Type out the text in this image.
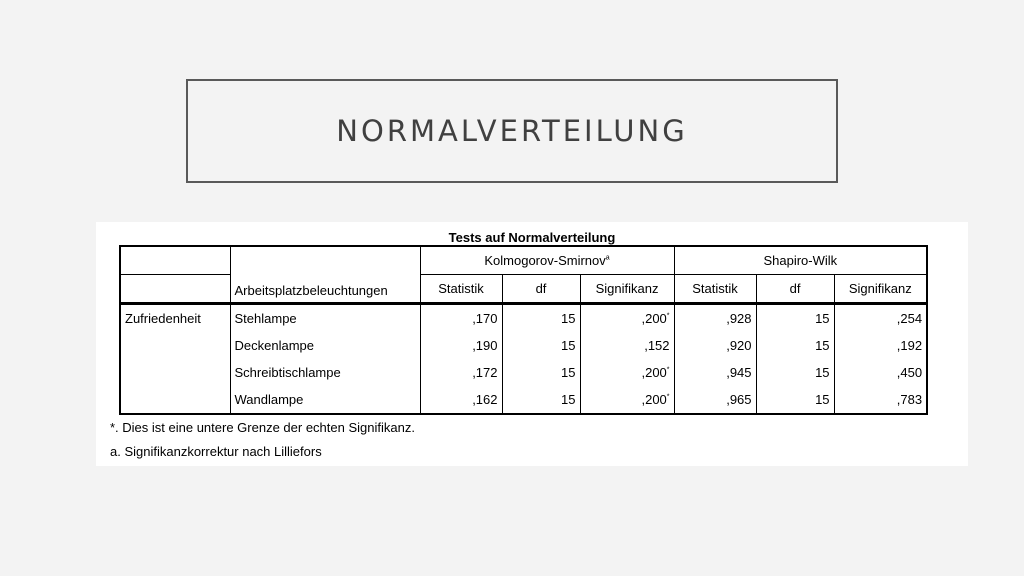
NORMALVERTEILUNG
Tests auf Normalverteilung
	Arbeitsplatzbeleuchtungen	Kolmogorov-Smirnov$^a$			Shapiro-Wilk		
		Statistik	df	Signifikanz	Statistik	df	Signifikanz
Zufriedenheit	Stehlampe	,170	15	,200*	,928	15	,254
	Deckenlampe	,190	15	,152	,920	15	,192
	Schreibtischlampe	,172	15	,200*	,945	15	,450
	Wandlampe	,162	15	,200*	,965	15	,783
*. Dies ist eine untere Grenze der echten Signifikanz.
a. Signifikanzkorrektur nach Lilliefors
